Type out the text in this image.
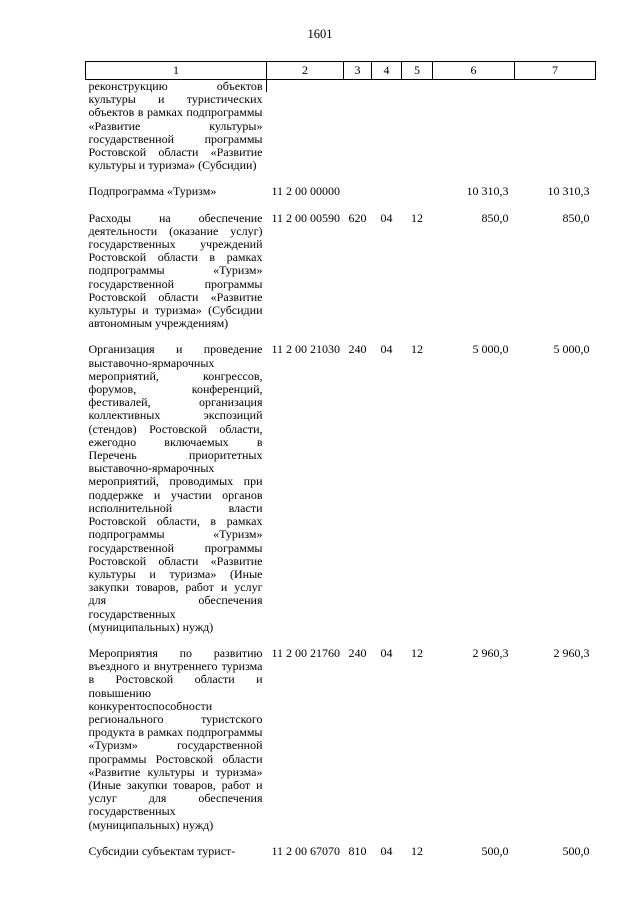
1601
1	2	3	4	5	6	7
реконструкцию объектов культуры и туристических объектов в рамках подпрограммы «Развитие культуры» государственной программы Ростовской области «Развитие культуры и туризма» (Субсидии)						
Подпрограмма «Туризм»	11 2 00 00000				10 310,3	10 310,3
Расходы на обеспечение деятельности (оказание услуг) государственных учреждений Ростовской области в рамках подпрограммы «Туризм» государственной программы Ростовской области «Развитие культуры и туризма» (Субсидии автономным учреждениям)	11 2 00 00590	620	04	12	850,0	850,0
Организация и проведение выставочно-ярмарочных мероприятий, конгрессов, форумов, конференций, фестивалей, организация коллективных экспозиций (стендов) Ростовской области, ежегодно включаемых в Перечень приоритетных выставочно-ярмарочных мероприятий, проводимых при поддержке и участии органов исполнительной власти Ростовской области, в рамках подпрограммы «Туризм» государственной программы Ростовской области «Развитие культуры и туризма» (Иные закупки товаров, работ и услуг для обеспечения государственных (муниципальных) нужд)	11 2 00 21030	240	04	12	5 000,0	5 000,0
Мероприятия по развитию въездного и внутреннего туризма в Ростовской области и повышению конкурентоспособности регионального туристского продукта в рамках подпрограммы «Туризм» государственной программы Ростовской области «Развитие культуры и туризма» (Иные закупки товаров, работ и услуг для обеспечения государственных (муниципальных) нужд)	11 2 00 21760	240	04	12	2 960,3	2 960,3
Субсидии субъектам турист-	11 2 00 67070	810	04	12	500,0	500,0
